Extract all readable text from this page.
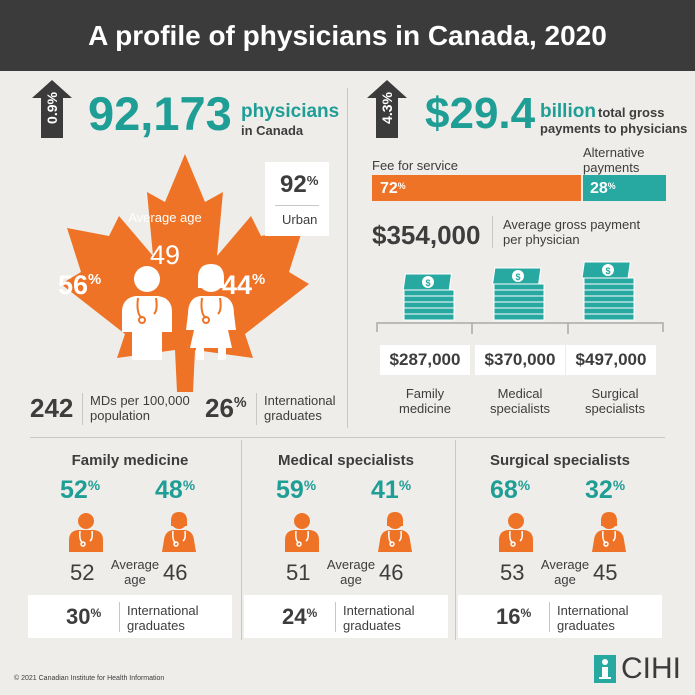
A profile of physicians in Canada, 2020
0.9% 92,173 physicians
in Canada
Average age
49
56%	44%
92%
Urban
242 MDs per 100,000 population	26% International graduates
4.3% $29.4 billion total gross payments to physicians
Fee for service
Alternative payments
72%	28%
$354,000 Average gross payment per physician
$
$
$
$287,000	$370,000	$497,000
Family medicine
Medical specialists
Surgical specialists
Family medicine
52% 48%
52 Average age 46
30% International graduates
Medical specialists
59% 41%
51 Average age 46
24% International graduates
Surgical specialists
68% 32%
53 Average age 45
16% International graduates
© 2021 Canadian Institute for Health Information	CIHI
